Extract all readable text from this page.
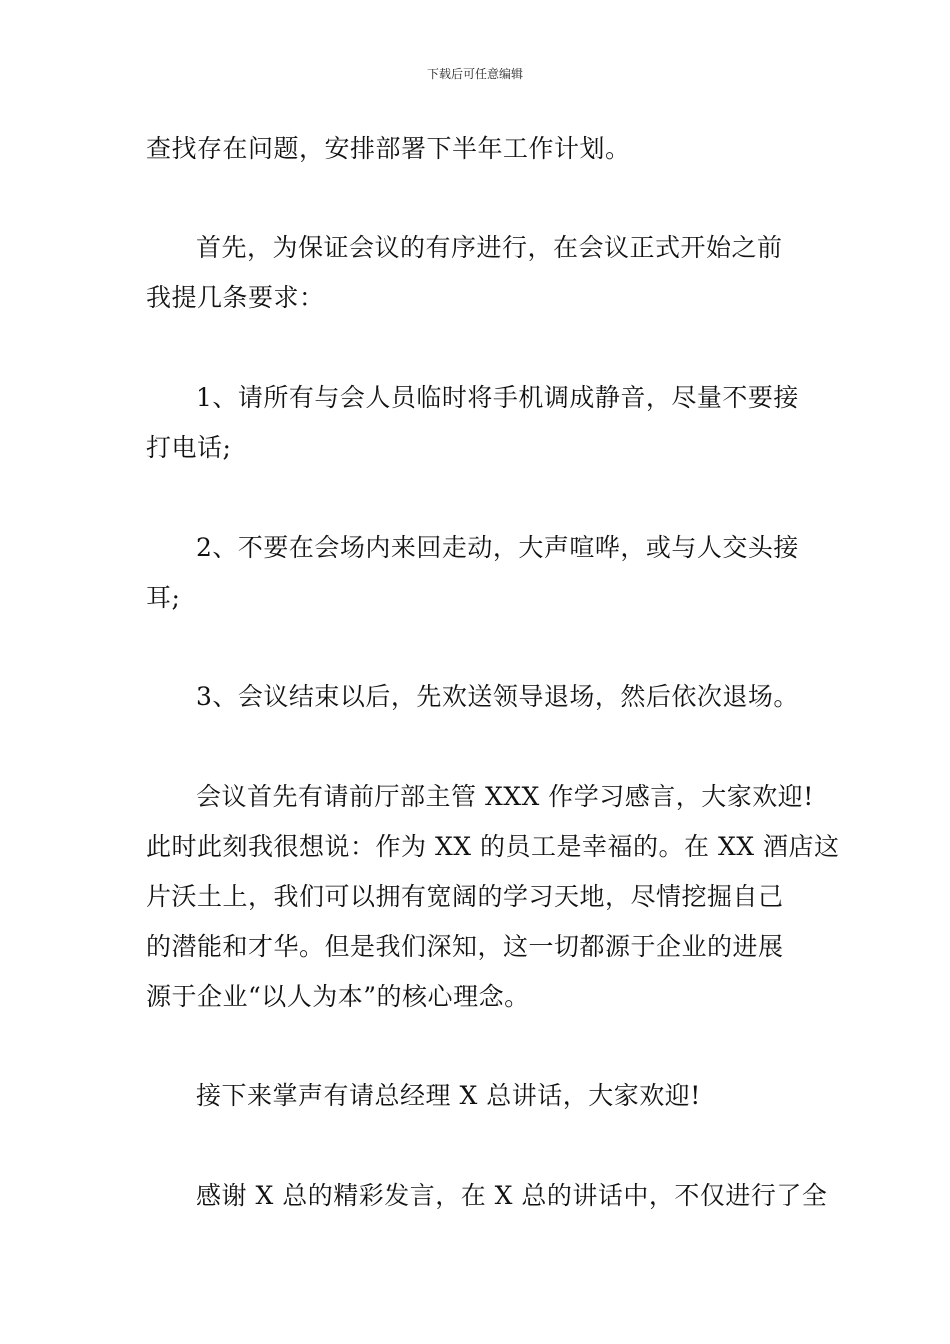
下载后可任意编辑
查找存在问题，安排部署下半年工作计划。
首先，为保证会议的有序进行，在会议正式开始之前
我提几条要求：
1、请所有与会人员临时将手机调成静音，尽量不要接
打电话;
2、不要在会场内来回走动，大声喧哗，或与人交头接
耳;
3、会议结束以后，先欢送领导退场，然后依次退场。
会议首先有请前厅部主管 XXX 作学习感言，大家欢迎!
此时此刻我很想说：作为 XX 的员工是幸福的。在 XX 酒店这
片沃土上，我们可以拥有宽阔的学习天地，尽情挖掘自己
的潜能和才华。但是我们深知，这一切都源于企业的进展
源于企业“以人为本”的核心理念。
接下来掌声有请总经理 X 总讲话，大家欢迎!
感谢 X 总的精彩发言，在 X 总的讲话中，不仅进行了全
